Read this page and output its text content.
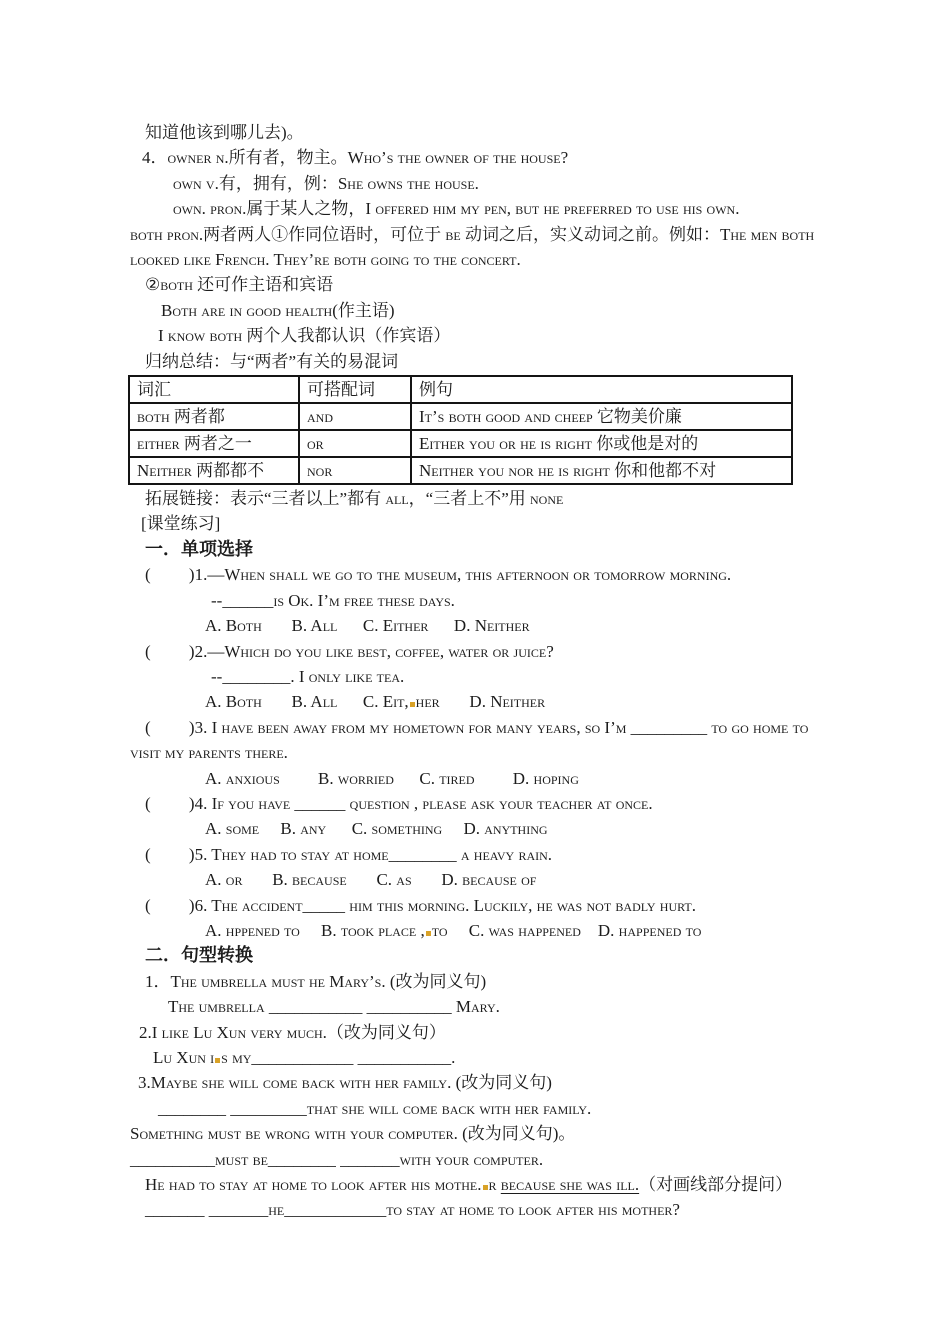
知道他该到哪儿去)。
4．owner n.所有者，物主。Who’s the owner of the house?
own v.有，拥有，例：She owns the house.
own. pron.属于某人之物，I offered him my pen, but he preferred to use his own.
both pron.两者两人①作同位语时，可位于 be 动词之后，实义动词之前。例如：The men both
looked like French. They’re both going to the concert.
②both 还可作主语和宾语
Both are in good health(作主语)
I know both 两个人我都认识（作宾语）
归纳总结：与“两者”有关的易混词
词汇	可搭配词	例句
both 两者都	and	It’s both good and cheep 它物美价廉
either 两者之一	or	Either you or he is right 你或他是对的
Neither 两都都不	nor	Neither you nor he is right 你和他都不对
拓展链接：表示“三者以上”都有 all，“三者上不”用 none
[课堂练习]
一．单项选择
(         )1.—When shall we go to the museum, this afternoon or tomorrow morning.
--______is Ok. I’m free these days.
A. Both       B. All      C. Either      D. Neither
(         )2.—Which do you like best, coffee, water or juice?
--________. I only like tea.
A. Both       B. All      C. Eit, her       D. Neither
(         )3. I have been away from my hometown for many years, so I’m _________ to go home to
visit my parents there.
A. anxious         B. worried      C. tired         D. hoping
(         )4. If you have ______ question , please ask your teacher at once.
A. some     B. any      C. something     D. anything
(         )5. They had to stay at home________ a heavy rain.
A. or       B. because       C. as       D. because of
(         )6. The accident_____ him this morning. Luckily, he was not badly hurt.
A. hppened to     B. took place , to     C. was happened    D. happened to
二．句型转换
1．The umbrella must he Mary’s. (改为同义句)
The umbrella ___________ __________ Mary.
2.I like Lu Xun very much.（改为同义句）
Lu Xun i s my____________ ___________.
3.Maybe she will come back with her family. (改为同义句)
________ _________that she will come back with her family.
Something must be wrong with your computer. (改为同义句)。
__________must be________ _______with your computer.
He had to stay at home to look after his mothe. r because she was ill.（对画线部分提问）
_______ _______he____________to stay at home to look after his mother?
